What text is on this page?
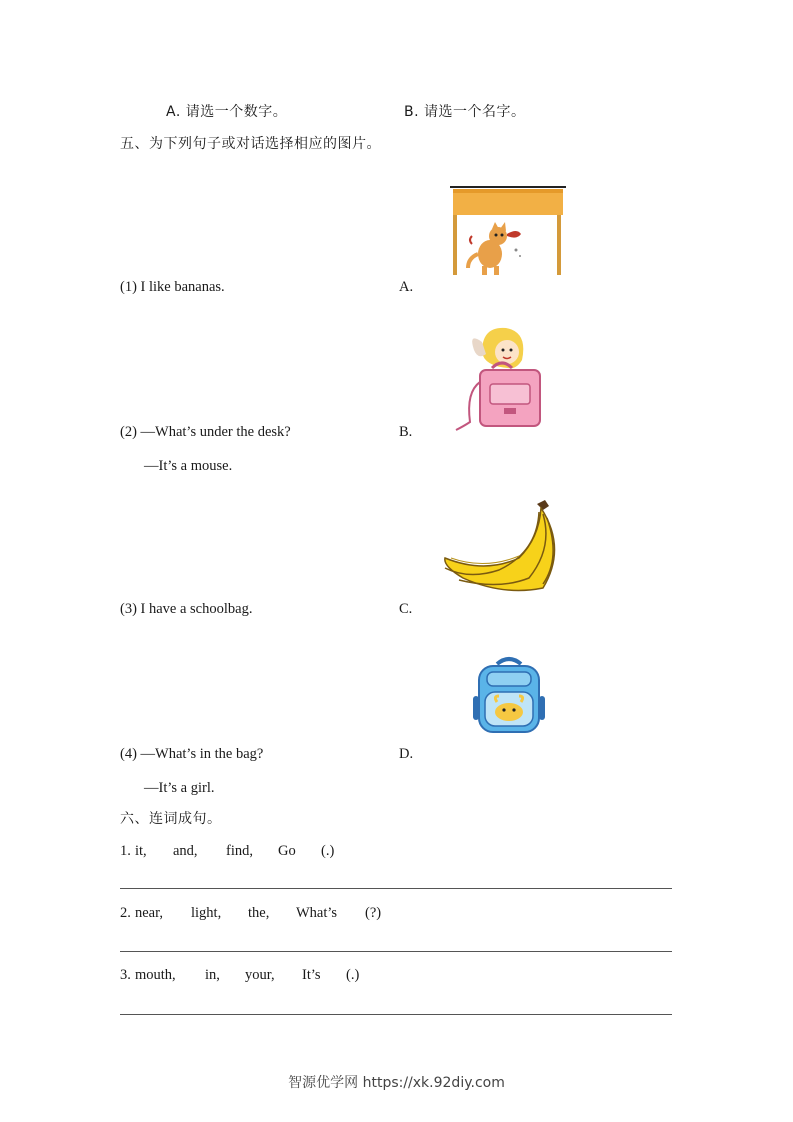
A. 请选一个数字。	B. 请选一个名字。
五、为下列句子或对话选择相应的图片。
(1) I like bananas.	A.
(2) —What’s under the desk?	B.
—It’s a mouse.
(3) I have a schoolbag.	C.
(4) —What’s in the bag?	D.
—It’s a girl.
六、连词成句。
1. it, and, find, Go (.)
2. near, light, the, What’s (?)
3. mouth, in, your, It’s (.)
智源优学网 https://xk.92diy.com
